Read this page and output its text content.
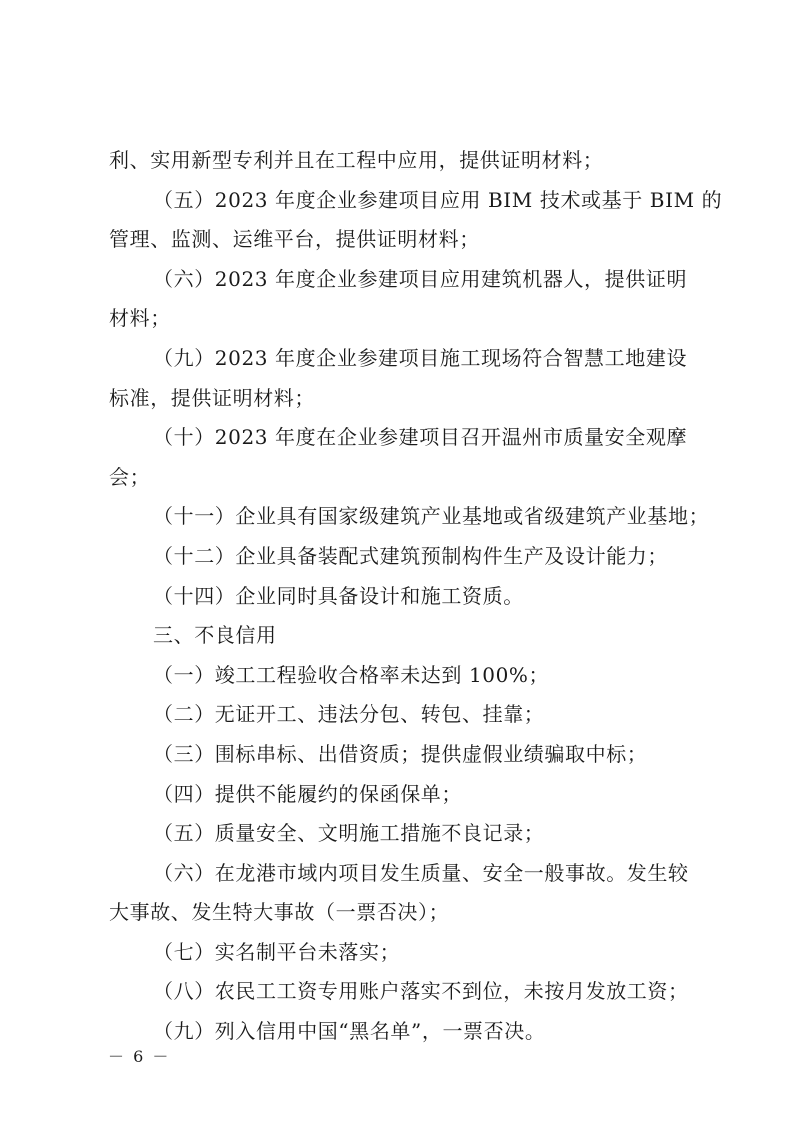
利、实用新型专利并且在工程中应用，提供证明材料；
（五）2023 年度企业参建项目应用 BIM 技术或基于 BIM 的
管理、监测、运维平台，提供证明材料；
（六）2023 年度企业参建项目应用建筑机器人，提供证明
材料；
（九）2023 年度企业参建项目施工现场符合智慧工地建设
标准，提供证明材料；
（十）2023 年度在企业参建项目召开温州市质量安全观摩
会；
（十一）企业具有国家级建筑产业基地或省级建筑产业基地；
（十二）企业具备装配式建筑预制构件生产及设计能力；
（十四）企业同时具备设计和施工资质。
三、不良信用
（一）竣工工程验收合格率未达到 100%；
（二）无证开工、违法分包、转包、挂靠；
（三）围标串标、出借资质；提供虚假业绩骗取中标；
（四）提供不能履约的保函保单；
（五）质量安全、文明施工措施不良记录；
（六）在龙港市域内项目发生质量、安全一般事故。发生较
大事故、发生特大事故（一票否决）；
（七）实名制平台未落实；
（八）农民工工资专用账户落实不到位，未按月发放工资；
（九）列入信用中国“黑名单”，一票否决。
－ 6 －
